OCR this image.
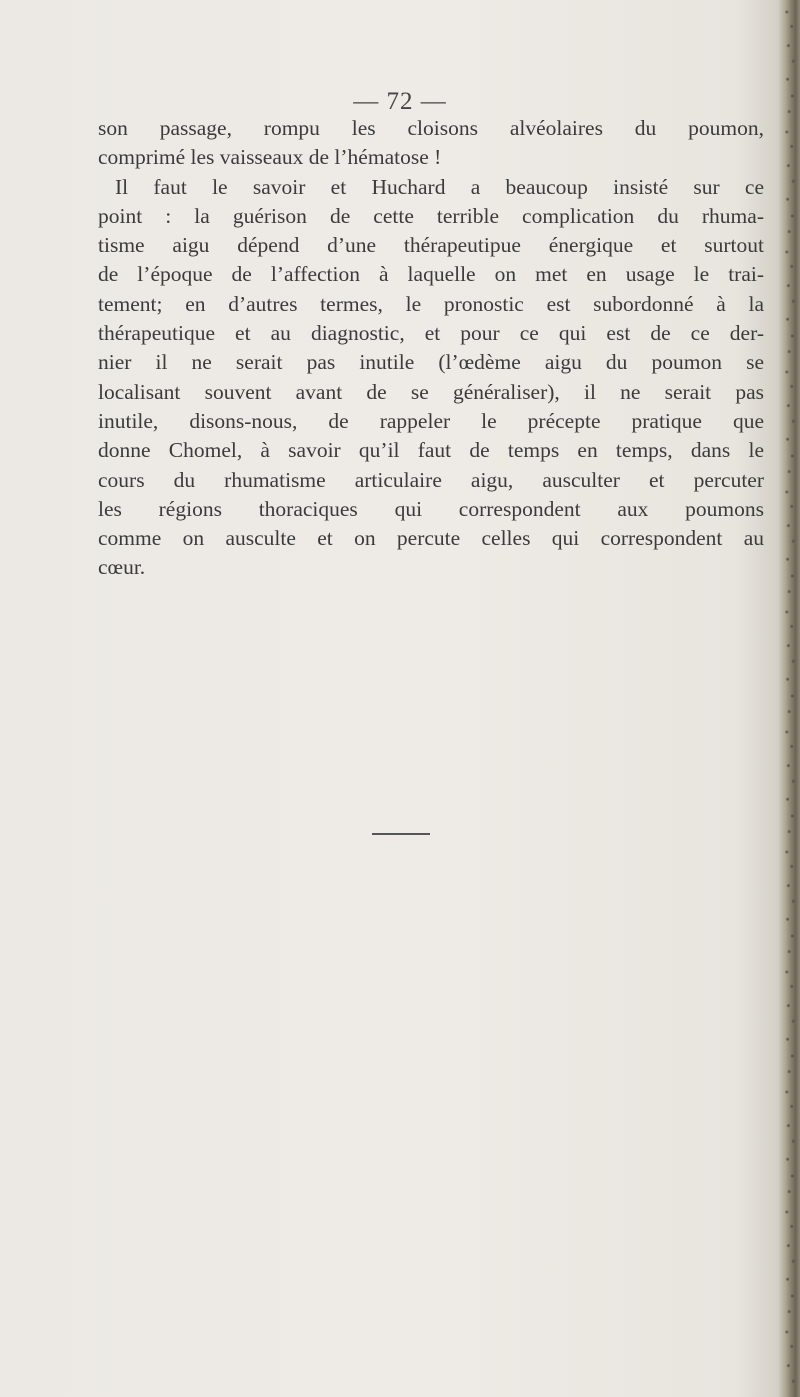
— 72 —
son passage, rompu les cloisons alvéolaires du poumon,
comprimé les vaisseaux de l’hématose !
Il faut le savoir et Huchard a beaucoup insisté sur ce
point : la guérison de cette terrible complication du rhuma-
tisme aigu dépend d’une thérapeutipue énergique et surtout
de l’époque de l’affection à laquelle on met en usage le trai-
tement; en d’autres termes, le pronostic est subordonné à la
thérapeutique et au diagnostic, et pour ce qui est de ce der-
nier il ne serait pas inutile (l’œdème aigu du poumon se
localisant souvent avant de se généraliser), il ne serait pas
inutile, disons-nous, de rappeler le précepte pratique que
donne Chomel, à savoir qu’il faut de temps en temps, dans le
cours du rhumatisme articulaire aigu, ausculter et percuter
les régions thoraciques qui correspondent aux poumons
comme on ausculte et on percute celles qui correspondent au
cœur.
